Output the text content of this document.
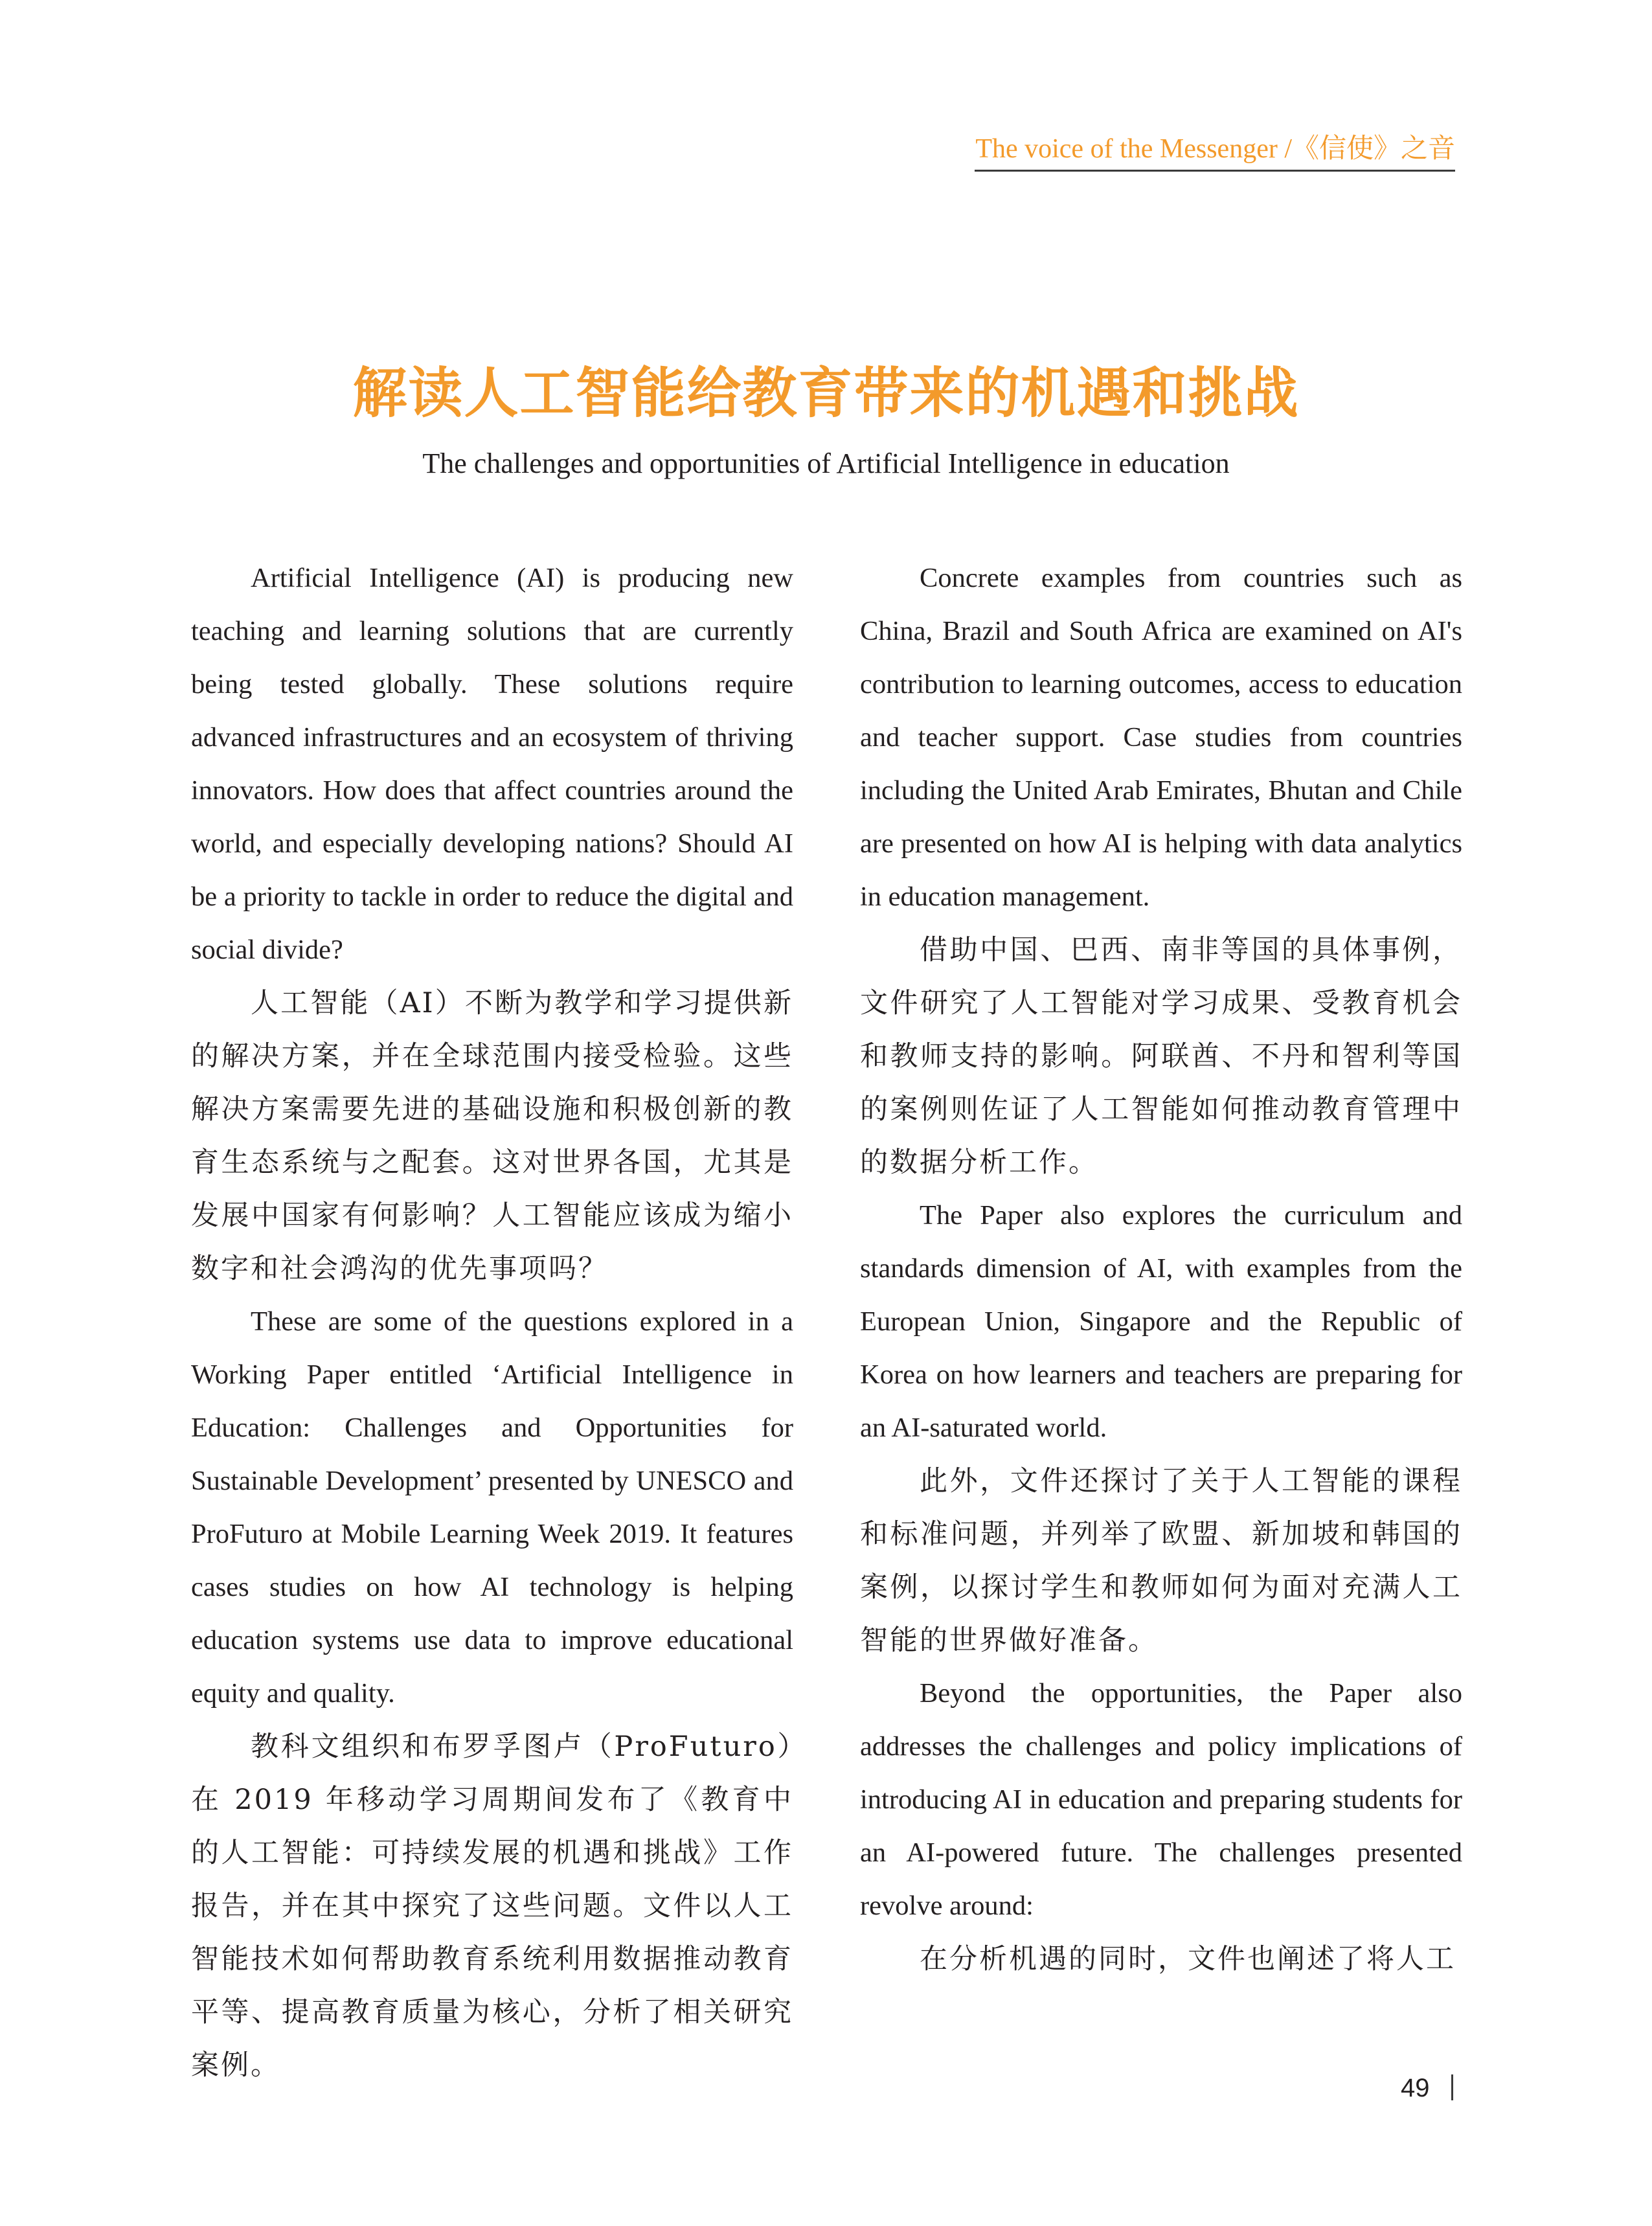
The voice of the Messenger /《信使》之音
解读人工智能给教育带来的机遇和挑战
The challenges and opportunities of Artificial Intelligence in education

Artificial Intelligence (AI) is producing new teaching and learning solutions that are currently being tested globally. These solutions require advanced infrastructures and an ecosystem of thriving innovators. How does that affect countries around the world, and especially developing nations? Should AI be a priority to tackle in order to reduce the digital and social divide?

人工智能（AI）不断为教学和学习提供新的解决方案，并在全球范围内接受检验。这些解决方案需要先进的基础设施和积极创新的教育生态系统与之配套。这对世界各国，尤其是发展中国家有何影响？人工智能应该成为缩小数字和社会鸿沟的优先事项吗？

These are some of the questions explored in a Working Paper entitled ‘Artificial Intelligence in Education: Challenges and Opportunities for Sustainable Development’ presented by UNESCO and ProFuturo at Mobile Learning Week 2019. It features cases studies on how AI technology is helping education systems use data to improve educational equity and quality.

教科文组织和布罗孚图卢（ProFuturo）在 2019 年移动学习周期间发布了《教育中的人工智能：可持续发展的机遇和挑战》工作报告，并在其中探究了这些问题。文件以人工智能技术如何帮助教育系统利用数据推动教育平等、提高教育质量为核心，分析了相关研究案例。

Concrete examples from countries such as China, Brazil and South Africa are examined on AI's contribution to learning outcomes, access to education and teacher support. Case studies from countries including the United Arab Emirates, Bhutan and Chile are presented on how AI is helping with data analytics in education management.

借助中国、巴西、南非等国的具体事例，文件研究了人工智能对学习成果、受教育机会和教师支持的影响。阿联酋、不丹和智利等国的案例则佐证了人工智能如何推动教育管理中的数据分析工作。

The Paper also explores the curriculum and standards dimension of AI, with examples from the European Union, Singapore and the Republic of Korea on how learners and teachers are preparing for an AI-saturated world.

此外，文件还探讨了关于人工智能的课程和标准问题，并列举了欧盟、新加坡和韩国的案例，以探讨学生和教师如何为面对充满人工智能的世界做好准备。

Beyond the opportunities, the Paper also addresses the challenges and policy implications of introducing AI in education and preparing students for an AI-powered future. The challenges presented revolve around:

在分析机遇的同时，文件也阐述了将人工

49
